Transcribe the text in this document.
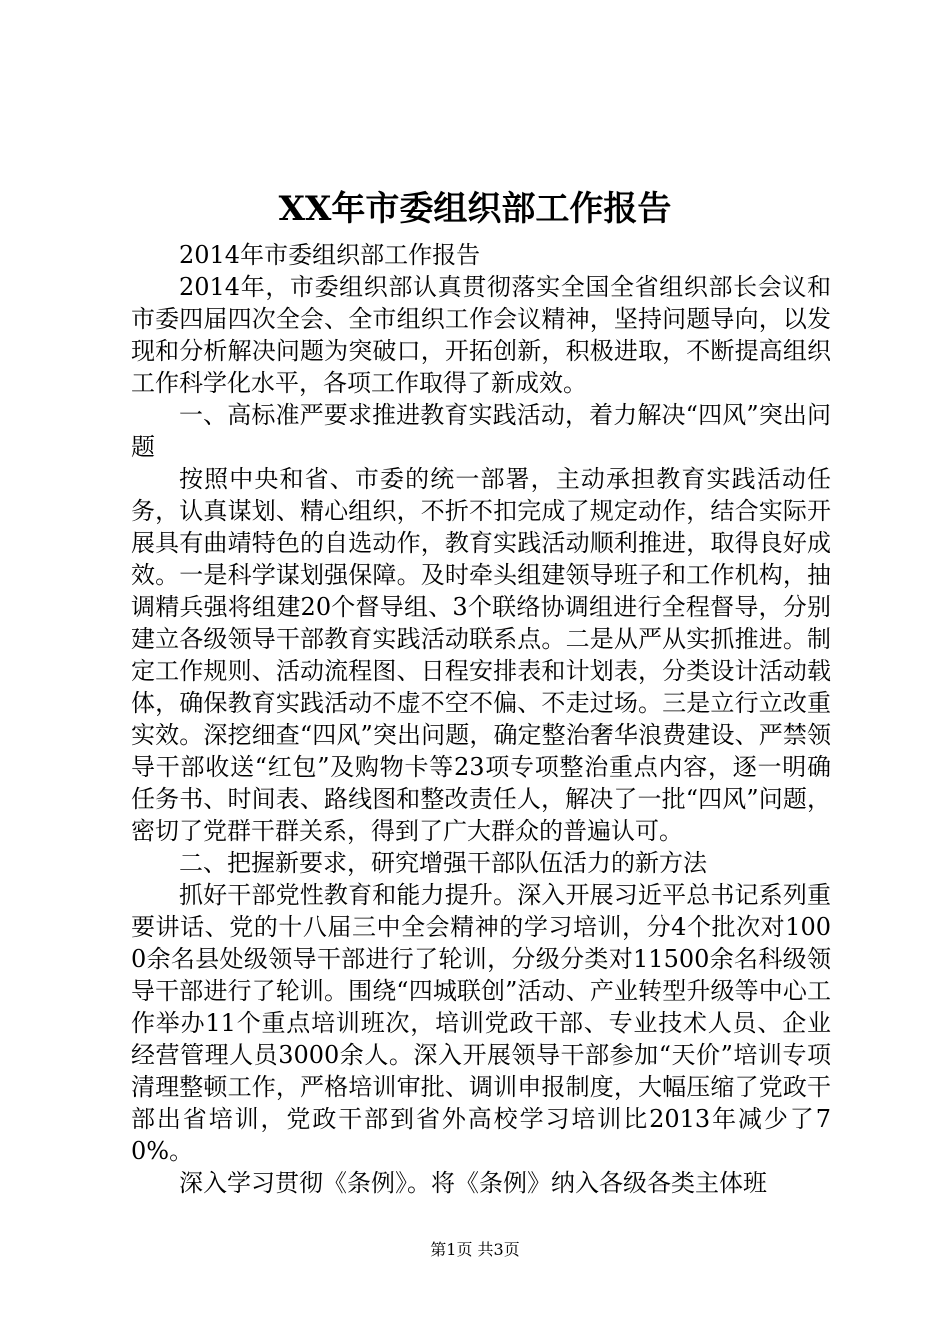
XX年市委组织部工作报告

2014年市委组织部工作报告

2014年，市委组织部认真贯彻落实全国全省组织部长会议和市委四届四次全会、全市组织工作会议精神，坚持问题导向，以发现和分析解决问题为突破口，开拓创新，积极进取，不断提高组织工作科学化水平，各项工作取得了新成效。

一、高标准严要求推进教育实践活动，着力解决“四风”突出问题

按照中央和省、市委的统一部署，主动承担教育实践活动任务，认真谋划、精心组织，不折不扣完成了规定动作，结合实际开展具有曲靖特色的自选动作，教育实践活动顺利推进，取得良好成效。一是科学谋划强保障。及时牵头组建领导班子和工作机构，抽调精兵强将组建20个督导组、3个联络协调组进行全程督导，分别建立各级领导干部教育实践活动联系点。二是从严从实抓推进。制定工作规则、活动流程图、日程安排表和计划表，分类设计活动载体，确保教育实践活动不虚不空不偏、不走过场。三是立行立改重实效。深挖细查“四风”突出问题，确定整治奢华浪费建设、严禁领导干部收送“红包”及购物卡等23项专项整治重点内容，逐一明确任务书、时间表、路线图和整改责任人，解决了一批“四风”问题，密切了党群干群关系，得到了广大群众的普遍认可。

二、把握新要求，研究增强干部队伍活力的新方法

抓好干部党性教育和能力提升。深入开展习近平总书记系列重要讲话、党的十八届三中全会精神的学习培训，分4个批次对1000余名县处级领导干部进行了轮训，分级分类对11500余名科级领导干部进行了轮训。围绕“四城联创”活动、产业转型升级等中心工作举办11个重点培训班次，培训党政干部、专业技术人员、企业经营管理人员3000余人。深入开展领导干部参加“天价”培训专项清理整顿工作，严格培训审批、调训申报制度，大幅压缩了党政干部出省培训，党政干部到省外高校学习培训比2013年减少了70%。

深入学习贯彻《条例》。将《条例》纳入各级各类主体班

第1页 共3页
